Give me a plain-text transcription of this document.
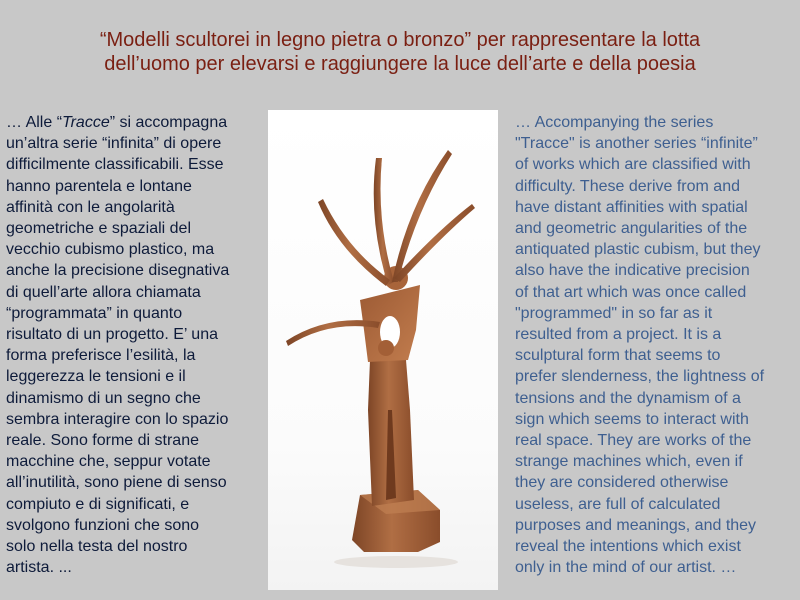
“Modelli scultorei in legno pietra o bronzo” per rappresentare la lotta
dell’uomo per elevarsi e raggiungere la luce dell’arte e della poesia
… Alle “Tracce” si accompagna
un’altra serie “infinita” di opere
difficilmente classificabili. Esse
hanno parentela e lontane
affinità con le angolarità
geometriche e spaziali del
vecchio cubismo plastico, ma
anche la precisione disegnativa
di quell’arte allora chiamata
“programmata” in quanto
risultato di un progetto. E’ una
forma preferisce l’esilità, la
leggerezza le tensioni e il
dinamismo di un segno che
sembra interagire con lo spazio
reale. Sono forme di strane
macchine che, seppur votate
all’inutilità, sono piene di senso
compiuto e di significati, e
svolgono funzioni che sono
solo nella testa del nostro
artista. ...
… Accompanying the series
"Tracce" is another series “infinite”
of works which are classified with
difficulty. These derive from and
have distant affinities with spatial
and geometric angularities of the
antiquated plastic cubism, but they
also have the indicative precision
of that art which was once called
"programmed" in so far as it
resulted from a project. It is a
sculptural form that seems to
prefer slenderness, the lightness of
tensions and the dynamism of a
sign which seems to interact with
real space. They are works of the
strange machines which, even if
they are considered otherwise
useless, are full of calculated
purposes and meanings, and they
reveal the intentions which exist
only in the mind of our artist. …
